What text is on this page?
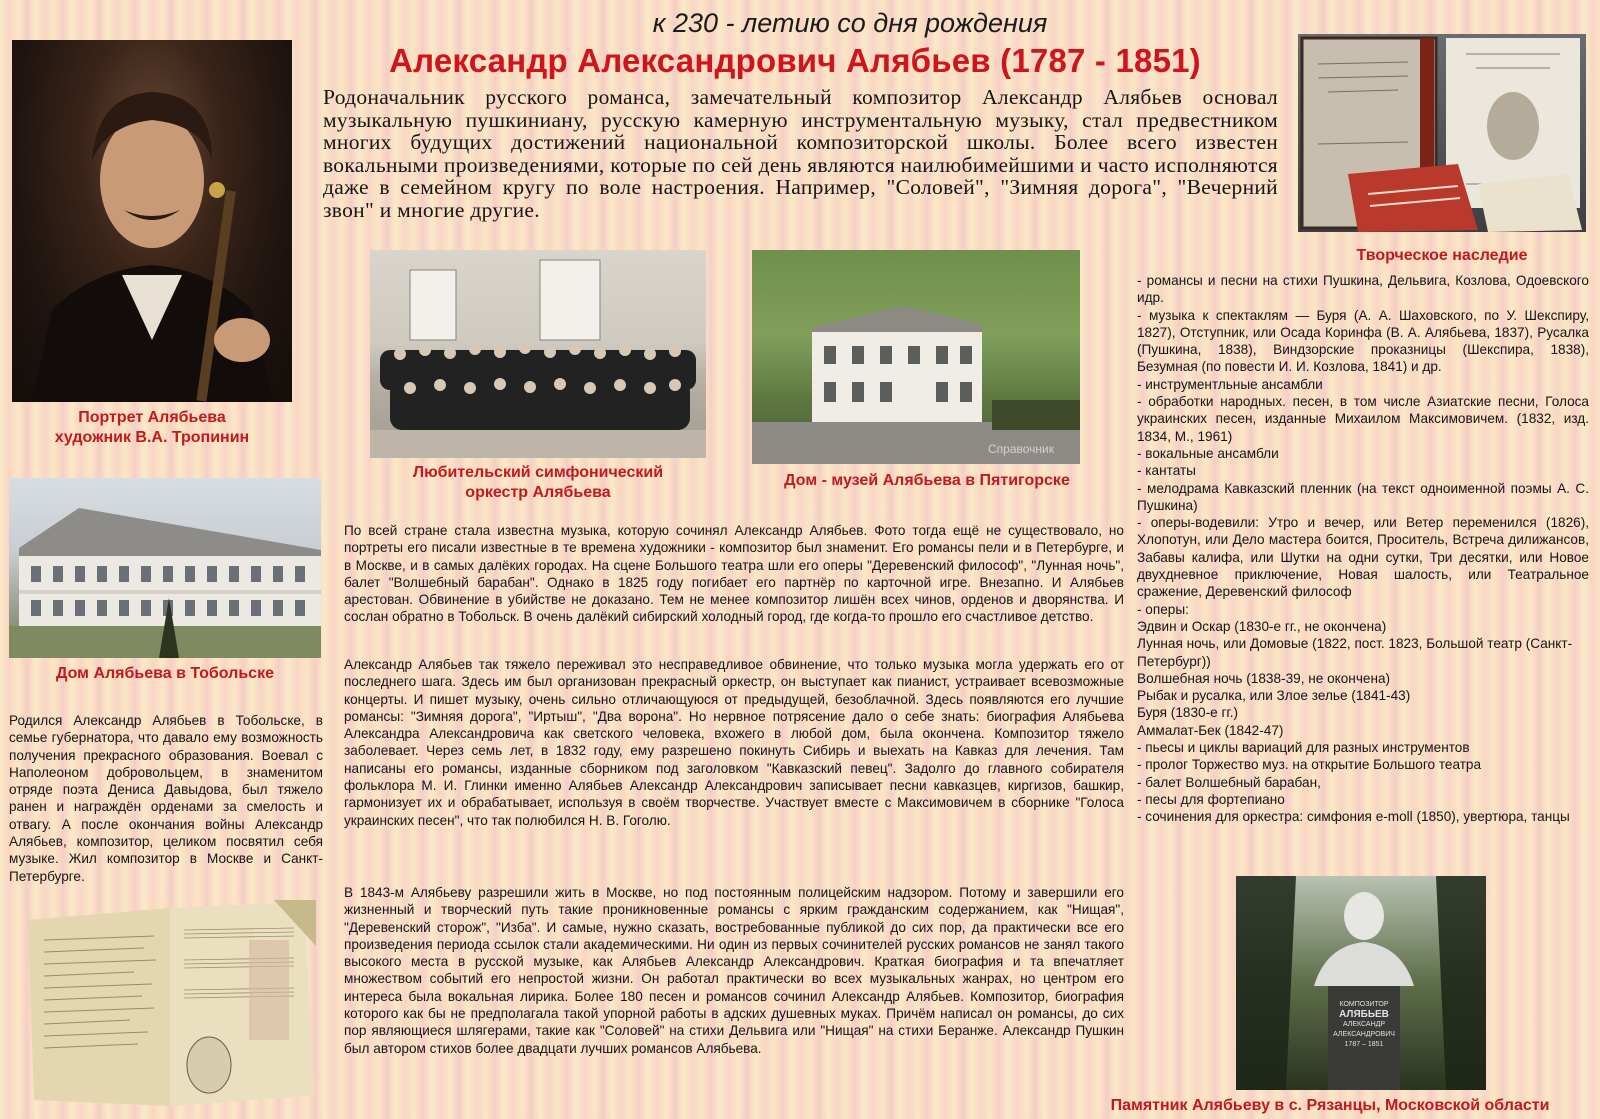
к 230 - летию со дня рождения
Александр Александрович Алябьев (1787 - 1851)
Родоначальник русского романса, замечательный композитор Александр Алябьев основал музыкальную пушкиниану, русскую камерную инструментальную музыку, стал предвестником многих будущих достижений национальной композиторской школы. Более всего известен вокальными произведениями, которые по сей день являются наилюбимейшими и часто исполняются даже в семейном кругу по воле настроения. Например, "Соловей", "Зимняя дорога", "Вечерний звон" и многие другие.
Портрет Алябьева
художник В.А. Тропинин
Дом Алябьева в Тобольске
Родился Александр Алябьев в Тобольске, в семье губернатора, что давало ему возможность получения прекрасного образования. Воевал с Наполеоном добровольцем, в знаменитом отряде поэта Дениса Давыдова, был тяжело ранен и награждён орденами за смелость и отвагу. А после окончания войны Александр Алябьев, композитор, целиком посвятил себя музыке. Жил композитор в Москве и Санкт-Петербурге.
Любительский симфонический
оркестр Алябьева
Справочник
Дом - музей Алябьева в Пятигорске
По всей стране стала известна музыка, которую сочинял Александр Алябьев. Фото тогда ещё не существовало, но портреты его писали известные в те времена художники - композитор был знаменит. Его романсы пели и в Петербурге, и в Москве, и в самых далёких городах. На сцене Большого театра шли его оперы "Деревенский философ", "Лунная ночь", балет "Волшебный барабан". Однако в 1825 году погибает его партнёр по карточной игре. Внезапно. И Алябьев арестован. Обвинение в убийстве не доказано. Тем не менее композитор лишён всех чинов, орденов и дворянства. И сослан обратно в Тобольск. В очень далёкий сибирский холодный город, где когда-то прошло его счастливое детство.
Александр Алябьев так тяжело переживал это несправедливое обвинение, что только музыка могла удержать его от последнего шага. Здесь им был организован прекрасный оркестр, он выступает как пианист, устраивает всевозможные концерты. И пишет музыку, очень сильно отличающуюся от предыдущей, безоблачной. Здесь появляются его лучшие романсы: "Зимняя дорога", "Иртыш", "Два ворона". Но нервное потрясение дало о себе знать: биография Алябьева Александра Александровича как светского человека, вхожего в любой дом, была окончена. Композитор тяжело заболевает. Через семь лет, в 1832 году, ему разрешено покинуть Сибирь и выехать на Кавказ для лечения. Там написаны его романсы, изданные сборником под заголовком "Кавказский певец". Задолго до главного собирателя фольклора М. И. Глинки именно Алябьев Александр Александрович записывает песни кавказцев, киргизов, башкир, гармонизует их и обрабатывает, используя в своём творчестве. Участвует вместе с Максимовичем в сборнике "Голоса украинских песен", что так полюбился Н. В. Гоголю.
В 1843-м Алябьеву разрешили жить в Москве, но под постоянным полицейским надзором. Потому и завершили его жизненный и творческий путь такие проникновенные романсы с ярким гражданским содержанием, как "Нищая", "Деревенский сторож", "Изба". И самые, нужно сказать, востребованные публикой до сих пор, да практически все его произведения периода ссылок стали академическими. Ни один из первых сочинителей русских романсов не занял такого высокого места в русской музыке, как Алябьев Александр Александрович. Краткая биография и та впечатляет множеством событий его непростой жизни. Он работал практически во всех музыкальных жанрах, но центром его интереса была вокальная лирика. Более 180 песен и романсов сочинил Александр Алябьев. Композитор, биография которого как бы не предполагала такой упорной работы в адских душевных муках. Причём написал он романсы, до сих пор являющиеся шлягерами, такие как "Соловей" на стихи Дельвига или "Нищая" на стихи Беранже. Александр Пушкин был автором стихов более двадцати лучших романсов Алябьева.
Творческое наследие
- романсы и песни на стихи Пушкина, Дельвига, Козлова, Одоевского идр.
- музыка к спектаклям — Буря (А. А. Шаховского, по У. Шекспиру, 1827), Отступник, или Осада Коринфа (В. А. Алябьева, 1837), Русалка (Пушкина, 1838), Виндзорские проказницы (Шекспира, 1838), Безумная (по повести И. И. Козлова, 1841) и др.
- инструментльные ансамбли
- обработки народных. песен, в том числе Азиатские песни, Голоса украинских песен, изданные Михаилом Максимовичем. (1832, изд. 1834, М., 1961)
- вокальные ансамбли
- кантаты
- мелодрама Кавказский пленник (на текст одноименной поэмы А. С. Пушкина)
- оперы-водевили: Утро и вечер, или Ветер переменился (1826), Хлопотун, или Дело мастера боится, Проситель, Встреча дилижансов, Забавы калифа, или Шутки на одни сутки, Три десятки, или Новое двухдневное приключение, Новая шалость, или Театральное сражение, Деревенский философ
- оперы:
Эдвин и Оскар (1830-е гг., не окончена)
Лунная ночь, или Домовые (1822, пост. 1823, Большой театр (Санкт-Петербург))
Волшебная ночь (1838-39, не окончена)
Рыбак и русалка, или Злое зелье (1841-43)
Буря (1830-е гг.)
Аммалат-Бек (1842-47)
- пьесы и циклы вариаций для разных инструментов
- пролог Торжество муз. на открытие Большого театра
- балет Волшебный барабан,
- песы для фортепиано
- сочинения для оркестра: симфония e-moll (1850), увертюра, танцы
КОМПОЗИТОР
АЛЯБЬЕВ
АЛЕКСАНДР
АЛЕКСАНДРОВИЧ
1787 – 1851
Памятник Алябьеву в с. Рязанцы, Московской области
